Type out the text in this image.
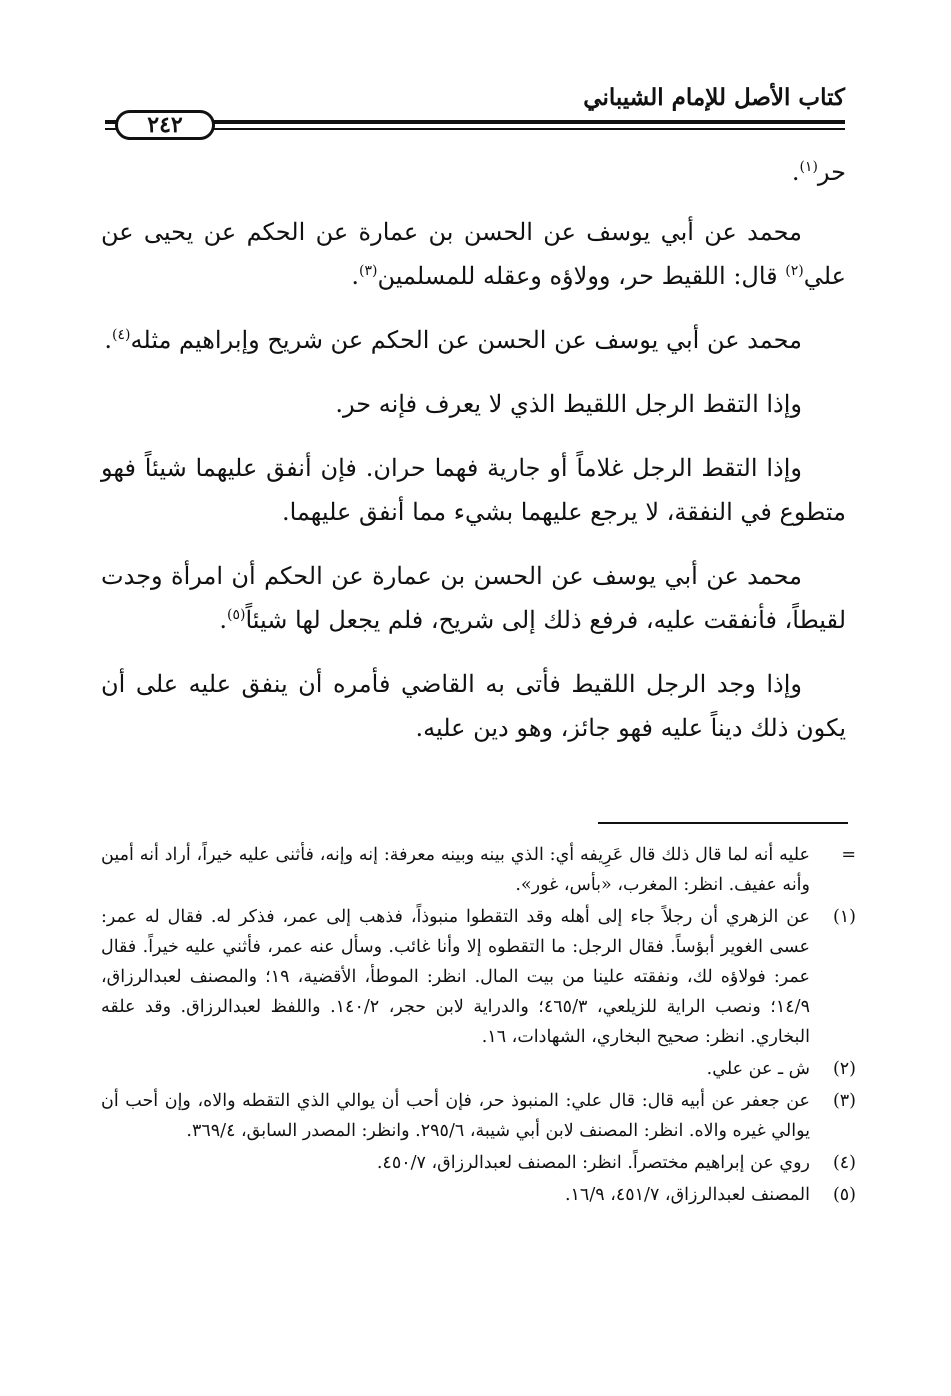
كتاب الأصل للإمام الشيباني
٢٤٢

حر$^{(١)}$.

محمد عن أبي يوسف عن الحسن بن عمارة عن الحكم عن يحيى عن علي$^{(٢)}$ قال: اللقيط حر، وولاؤه وعقله للمسلمين$^{(٣)}$.

محمد عن أبي يوسف عن الحسن عن الحكم عن شريح وإبراهيم مثله$^{(٤)}$.

وإذا التقط الرجل اللقيط الذي لا يعرف فإنه حر.

وإذا التقط الرجل غلاماً أو جارية فهما حران. فإن أنفق عليهما شيئاً فهو متطوع في النفقة، لا يرجع عليهما بشيء مما أنفق عليهما.

محمد عن أبي يوسف عن الحسن بن عمارة عن الحكم أن امرأة وجدت لقيطاً، فأنفقت عليه، فرفع ذلك إلى شريح، فلم يجعل لها شيئاً$^{(٥)}$.

وإذا وجد الرجل اللقيط فأتى به القاضي فأمره أن ينفق عليه على أن يكون ذلك ديناً عليه فهو جائز، وهو دين عليه.

=
عليه أنه لما قال ذلك قال عَرِيفه أي: الذي بينه وبينه معرفة: إنه وإنه، فأثنى عليه خيراً، أراد أنه أمين وأنه عفيف. انظر: المغرب، «بأس، غور».
(١)
عن الزهري أن رجلاً جاء إلى أهله وقد التقطوا منبوذاً، فذهب إلى عمر، فذكر له. فقال له عمر: عسى الغوير أبؤساً. فقال الرجل: ما التقطوه إلا وأنا غائب. وسأل عنه عمر، فأثني عليه خيراً. فقال عمر: فولاؤه لك، ونفقته علينا من بيت المال. انظر: الموطأ، الأقضية، ١٩؛ والمصنف لعبدالرزاق، ١٤/٩؛ ونصب الراية للزيلعي، ٤٦٥/٣؛ والدراية لابن حجر، ١٤٠/٢. واللفظ لعبدالرزاق. وقد علقه البخاري. انظر: صحيح البخاري، الشهادات، ١٦.
(٢)
ش ـ عن علي.
(٣)
عن جعفر عن أبيه قال: قال علي: المنبوذ حر، فإن أحب أن يوالي الذي التقطه والاه، وإن أحب أن يوالي غيره والاه. انظر: المصنف لابن أبي شيبة، ٢٩٥/٦. وانظر: المصدر السابق، ٣٦٩/٤.
(٤)
روي عن إبراهيم مختصراً. انظر: المصنف لعبدالرزاق، ٤٥٠/٧.
(٥)
المصنف لعبدالرزاق، ٤٥١/٧، ١٦/٩.
